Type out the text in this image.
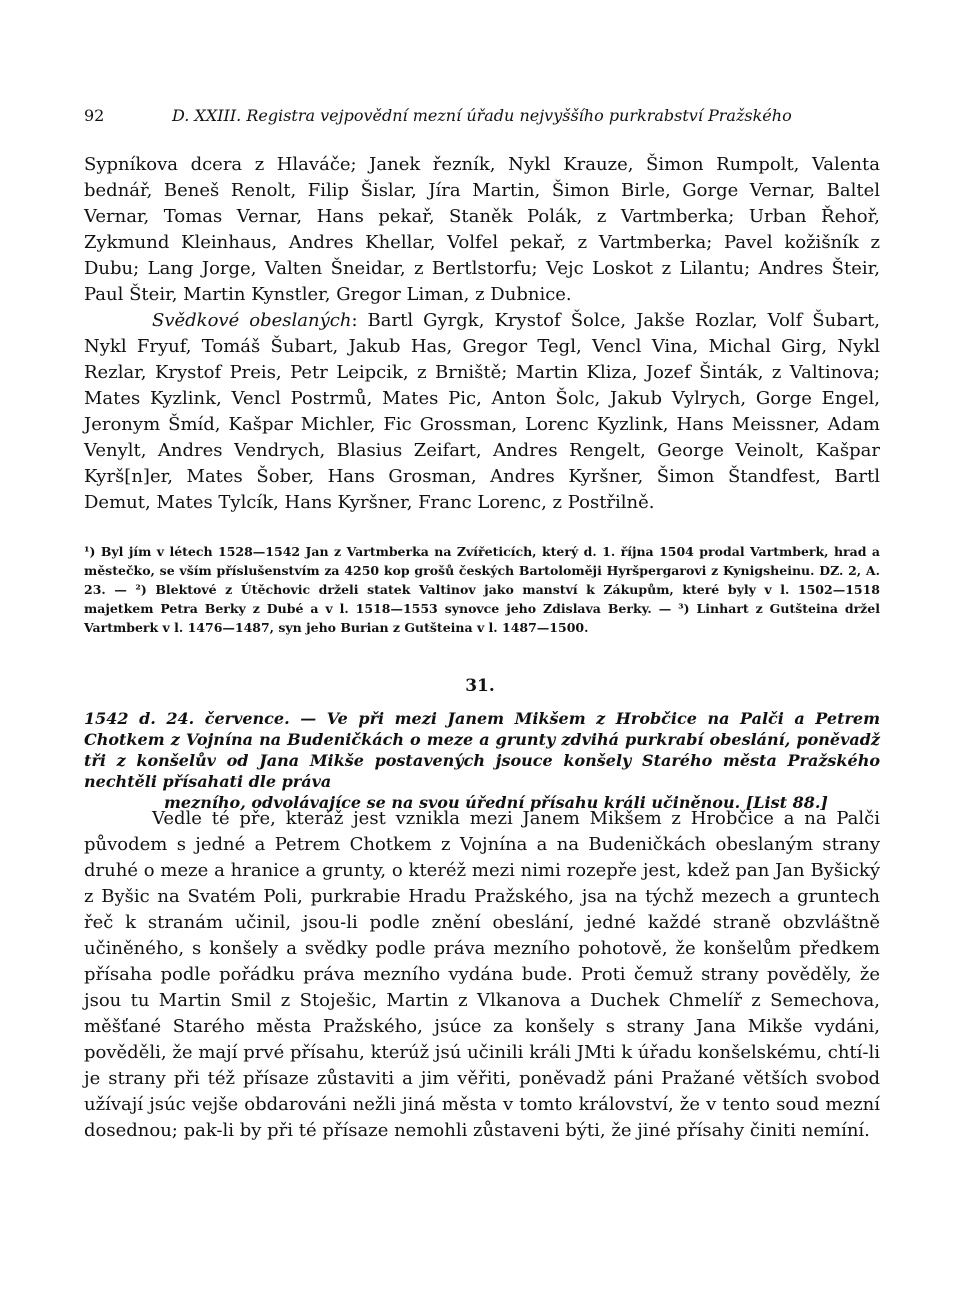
92	D. XXIII. Registra vejpovědní mezní úřadu nejvyššího purkrabství Pražského

Sypníkova dcera z Hlaváče; Janek řezník, Nykl Krauze, Šimon Rumpolt, Valenta bednář, Beneš Renolt, Filip Šislar, Jíra Martin, Šimon Birle, Gorge Vernar, Baltel Vernar, Tomas Vernar, Hans pekař, Staněk Polák, z Vartmberka; Urban Řehoř, Zykmund Kleinhaus, Andres Khellar, Volfel pekař, z Vartmberka; Pavel kožišník z Dubu; Lang Jorge, Valten Šneidar, z Bertlstorfu; Vejc Loskot z Lilantu; Andres Šteir, Paul Šteir, Martin Kynstler, Gregor Liman, z Dubnice.

Svědkové obeslaných: Bartl Gyrgk, Krystof Šolce, Jakše Rozlar, Volf Šubart, Nykl Fryuf, Tomáš Šubart, Jakub Has, Gregor Tegl, Vencl Vina, Michal Girg, Nykl Rezlar, Krystof Preis, Petr Leipcik, z Brniště; Martin Kliza, Jozef Šinták, z Valtinova; Mates Kyzlink, Vencl Postrmů, Mates Pic, Anton Šolc, Jakub Vylrych, Gorge Engel, Jeronym Šmíd, Kašpar Michler, Fic Grossman, Lorenc Kyzlink, Hans Meissner, Adam Venylt, Andres Vendrych, Blasius Zeifart, Andres Rengelt, George Veinolt, Kašpar Kyrš[n]er, Mates Šober, Hans Grosman, Andres Kyršner, Šimon Štandfest, Bartl Demut, Mates Tylcík, Hans Kyršner, Franc Lorenc, z Postřilně.

¹) Byl jím v létech 1528—1542 Jan z Vartmberka na Zvířeticích, který d. 1. října 1504 prodal Vartmberk, hrad a městečko, se vším příslušenstvím za 4250 kop grošů českých Bartoloměji Hyršpergarovi z Kynigsheinu. DZ. 2, A. 23. — ²) Blektové z Útěchovic drželi statek Valtinov jako manství k Zákupům, které byly v l. 1502—1518 majetkem Petra Berky z Dubé a v l. 1518—1553 synovce jeho Zdislava Berky. — ³) Linhart z Gutšteina držel Vartmberk v l. 1476—1487, syn jeho Burian z Gutšteina v l. 1487—1500.

31.

1542 d. 24. července. — Ve při mezi Janem Mikšem z Hrobčice na Palči a Petrem Chotkem z Vojnína na Budeničkách o meze a grunty zdvihá purkrabí obeslání, poněvadž tři z konšelův od Jana Mikše postavených jsouce konšely Starého města Pražského nechtěli přísahati dle práva

mezního, odvolávajíce se na svou úřední přísahu králi učiněnou. [List 88.]

Vedle té pře, kteráž jest vznikla mezi Janem Mikšem z Hrobčice a na Palči původem s jedné a Petrem Chotkem z Vojnína a na Budeničkách obeslaným strany druhé o meze a hranice a grunty, o kteréž mezi nimi rozepře jest, kdež pan Jan Byšický z Byšic na Svatém Poli, purkrabie Hradu Pražského, jsa na týchž mezech a gruntech řeč k stranám učinil, jsou-li podle znění obeslání, jedné každé straně obzvláštně učiněného, s konšely a svědky podle práva mezního pohotově, že konšelům předkem přísaha podle pořádku práva mezního vydána bude. Proti čemuž strany pověděly, že jsou tu Martin Smil z Stoješic, Martin z Vlkanova a Duchek Chmelíř z Semechova, měšťané Starého města Pražského, jsúce za konšely s strany Jana Mikše vydáni, pověděli, že mají prvé přísahu, kterúž jsú učinili králi JMti k úřadu konšelskému, chtí-li je strany při též přísaze zůstaviti a jim věřiti, poněvadž páni Pražané větších svobod užívají jsúc vejše obdarováni nežli jiná města v tomto království, že v tento soud mezní dosednou; pak-li by při té přísaze nemohli zůstaveni býti, že jiné přísahy činiti nemíní.
